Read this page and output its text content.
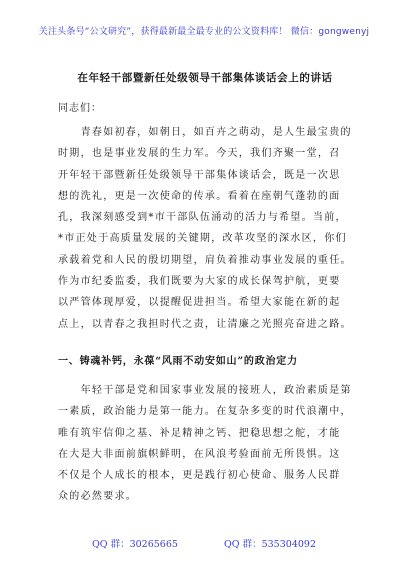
关注头条号“公文研究”，获得最新最全最专业的公文资料库！ 微信：gongwenyj
在年轻干部暨新任处级领导干部集体谈话会上的讲话
同志们：
　　青春如初春，如朝日，如百卉之萌动，是人生最宝贵的
时期，也是事业发展的生力军。今天，我们齐聚一堂，召
开年轻干部暨新任处级领导干部集体谈话会，既是一次思
想的洗礼，更是一次使命的传承。看着在座朝气蓬勃的面
孔，我深刻感受到*市干部队伍涌动的活力与希望。当前，
*市正处于高质量发展的关键期，改革攻坚的深水区，你们
承载着党和人民的殷切期望，肩负着推动事业发展的重任。
作为市纪委监委，我们既要为大家的成长保驾护航，更要
以严管体现厚爱，以提醒促进担当。希望大家能在新的起
点上，以青春之我担时代之责，让清廉之光照亮奋进之路。
一、铸魂补钙，永葆“风雨不动安如山”的政治定力
　　年轻干部是党和国家事业发展的接班人，政治素质是第
一素质，政治能力是第一能力。在复杂多变的时代浪潮中，
唯有筑牢信仰之基、补足精神之钙、把稳思想之舵，才能
在大是大非面前旗帜鲜明，在风浪考验面前无所畏惧。这
不仅是个人成长的根本，更是践行初心使命、服务人民群
众的必然要求。
QQ 群：30265665	QQ 群：535304092
